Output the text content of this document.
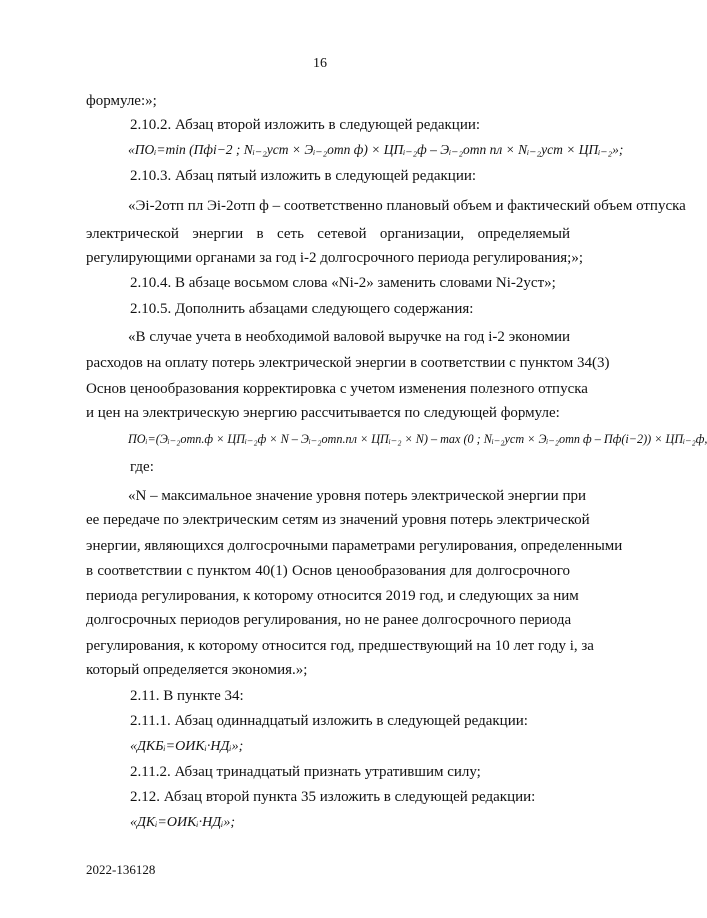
16
формуле:»;
2.10.2. Абзац второй изложить в следующей редакции:
«ПОᵢ=min (Пфi−2 ; Nᵢ₋₂уст × Эᵢ₋₂отп ф) × ЦПᵢ₋₂ф – Эᵢ₋₂отп пл × Nᵢ₋₂уст × ЦПᵢ₋₂»;
2.10.3. Абзац пятый изложить в следующей редакции:
«Эi-2отп пл Эi-2отп ф – соответственно плановый объем и фактический объем отпуска
электрической энергии в сеть сетевой организации, определяемый
регулирующими органами за год i-2 долгосрочного периода регулирования;»;
2.10.4. В абзаце восьмом слова «Ni-2» заменить словами Ni-2уст»;
2.10.5. Дополнить абзацами следующего содержания:
«В случае учета в необходимой валовой выручке на год i-2 экономии
расходов на оплату потерь электрической энергии в соответствии с пунктом 34(3)
Основ ценообразования корректировка с учетом изменения полезного отпуска
и цен на электрическую энергию рассчитывается по следующей формуле:
ПОᵢ=(Эᵢ₋₂отп.ф × ЦПᵢ₋₂ф × N – Эᵢ₋₂отп.пл × ЦПᵢ₋₂ × N) – max (0 ; Nᵢ₋₂уст × Эᵢ₋₂отп ф – Пф(i−2)) × ЦПᵢ₋₂ф,
где:
«N – максимальное значение уровня потерь электрической энергии при
ее передаче по электрическим сетям из значений уровня потерь электрической
энергии, являющихся долгосрочными параметрами регулирования, определенными
в соответствии с пунктом 40(1) Основ ценообразования для долгосрочного
периода регулирования, к которому относится 2019 год, и следующих за ним
долгосрочных периодов регулирования, но не ранее долгосрочного периода
регулирования, к которому относится год, предшествующий на 10 лет году i, за
который определяется экономия.»;
2.11. В пункте 34:
2.11.1. Абзац одиннадцатый изложить в следующей редакции:
«ДКБᵢ=ОИКᵢ·НДᵢ»;
2.11.2. Абзац тринадцатый признать утратившим силу;
2.12. Абзац второй пункта 35 изложить в следующей редакции:
«ДКᵢ=ОИКᵢ·НДᵢ»;
2022-136128
